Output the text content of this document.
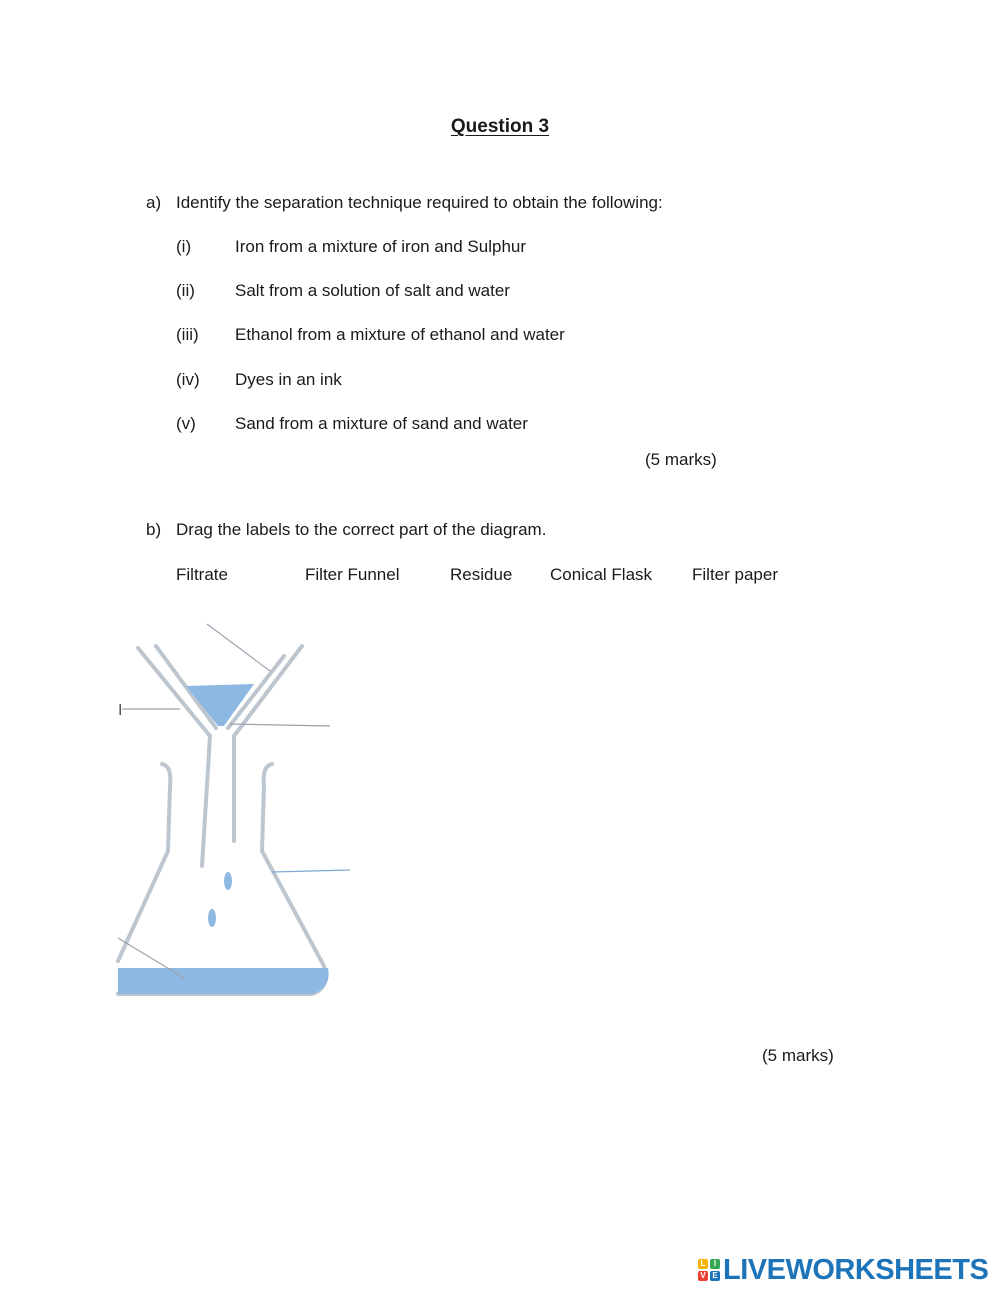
Question 3
a) Identify the separation technique required to obtain the following:
(i)	Iron from a mixture of iron and Sulphur
(ii) Salt from a solution of salt and water
(iii) Ethanol from a mixture of ethanol and water
(iv) Dyes in an ink
(v) Sand from a mixture of sand and water
(5 marks)
b) Drag the labels to the correct part of the diagram.
Filtrate	Filter Funnel	Residue Conical Flask Filter paper
I
(5 marks)
L	I
V E LIVEWORKSHEETS
